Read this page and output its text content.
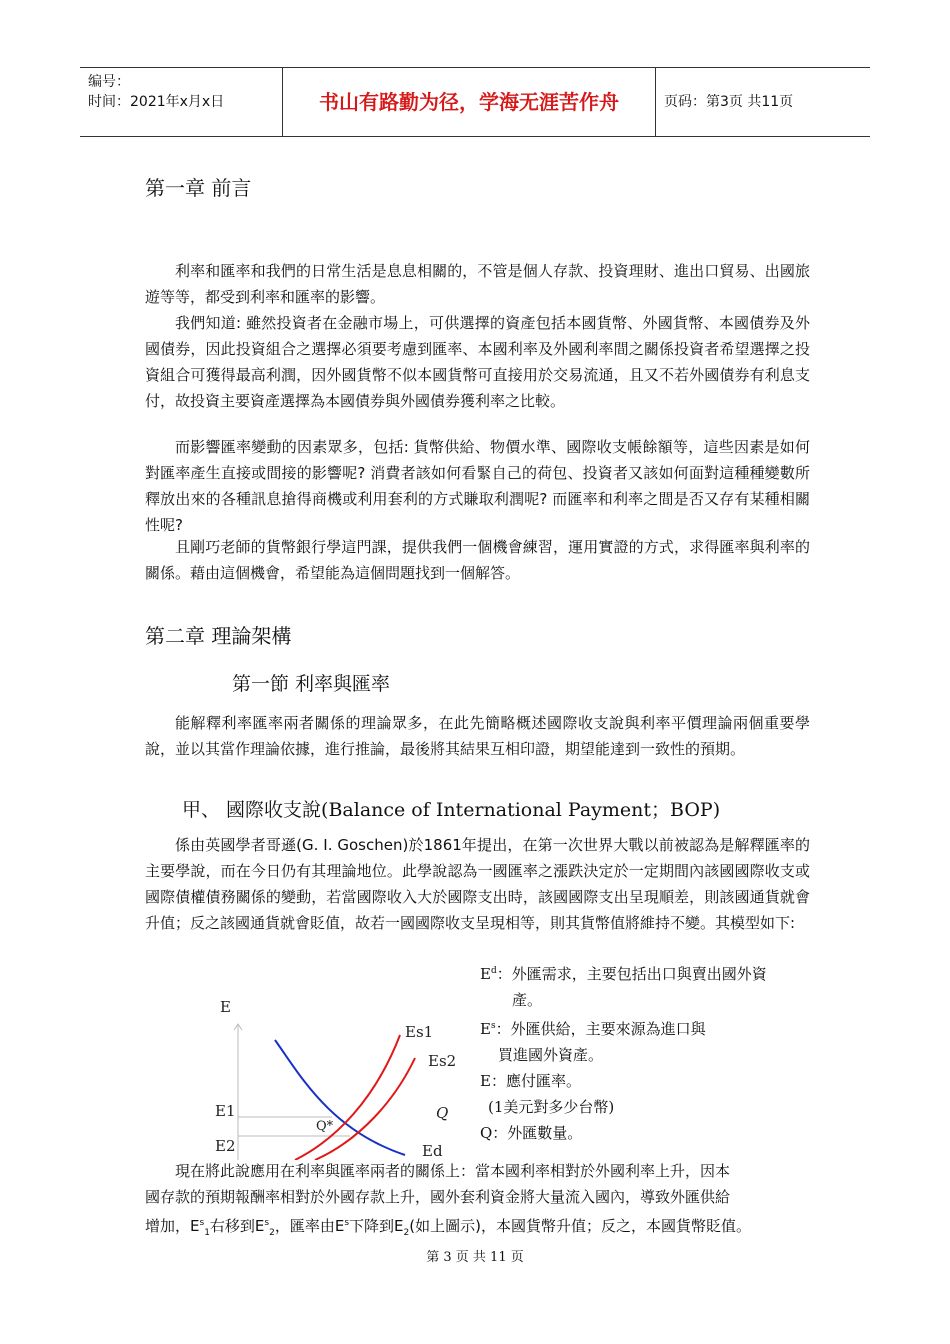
编号：
时间：2021年x月x日	书山有路勤为径，学海无涯苦作舟	页码：第3页 共11页
第一章 前言
利率和匯率和我們的日常生活是息息相關的，不管是個人存款、投資理財、進出口貿易、出國旅遊等等，都受到利率和匯率的影響。
我們知道: 雖然投資者在金融市場上，可供選擇的資產包括本國貨幣、外國貨幣、本國債券及外國債券，因此投資組合之選擇必須要考慮到匯率、本國利率及外國利率間之關係投資者希望選擇之投資組合可獲得最高利潤，因外國貨幣不似本國貨幣可直接用於交易流通，且又不若外國債券有利息支付，故投資主要資產選擇為本國債券與外國債券獲利率之比較。
而影響匯率變動的因素眾多，包括: 貨幣供給、物價水準、國際收支帳餘額等，這些因素是如何對匯率產生直接或間接的影響呢? 消費者該如何看緊自己的荷包、投資者又該如何面對這種種變數所釋放出來的各種訊息搶得商機或利用套利的方式賺取利潤呢? 而匯率和利率之間是否又存有某種相關性呢?
且剛巧老師的貨幣銀行學這門課，提供我們一個機會練習，運用實證的方式，求得匯率與利率的關係。藉由這個機會，希望能為這個問題找到一個解答。
第二章 理論架構
第一節 利率與匯率
能解釋利率匯率兩者關係的理論眾多，在此先簡略概述國際收支說與利率平價理論兩個重要學說，並以其當作理論依據，進行推論，最後將其結果互相印證，期望能達到一致性的預期。
甲、 國際收支說(Balance of International Payment；BOP)
係由英國學者哥遜(G. I. Goschen)於1861年提出，在第一次世界大戰以前被認為是解釋匯率的主要學說，而在今日仍有其理論地位。此學說認為一國匯率之漲跌決定於一定期間內該國國際收支或國際債權債務關係的變動，若當國際收入大於國際支出時，該國國際支出呈現順差，則該國通貨就會升值；反之該國通貨就會貶值，故若一國國際收支呈現相等，則其貨幣值將維持不變。其模型如下:
$E^d$：外匯需求，主要包括出口與賣出國外資
產。
$E^s$：外匯供給，主要來源為進口與
買進國外資產。
E：應付匯率。
(1美元對多少台幣)
Q：外匯數量。
E
Q
E1
E2
Es1
Es2
Ed
Q*
現在將此說應用在利率與匯率兩者的關係上：當本國利率相對於外國利率上升，因本
國存款的預期報酬率相對於外國存款上升，國外套利資金將大量流入國內，導致外匯供給
增加，$E^s_1$右移到$E^s_2$，匯率由$E^s$下降到$E_2$(如上圖示)，本國貨幣升值；反之，本國貨幣貶值。
第 3 页 共 11 页
